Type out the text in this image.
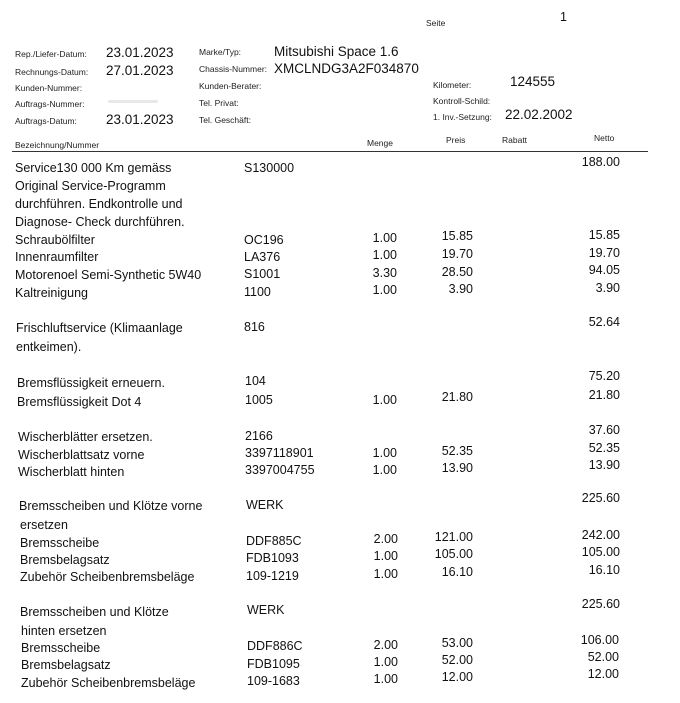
Seite	1
Rep./Liefer-Datum: 23.01.2023
Rechnungs-Datum: 27.01.2023
Kunden-Nummer:
Auftrags-Nummer:
Auftrags-Datum: 23.01.2023
Marke/Typ: Mitsubishi Space 1.6
Chassis-Nummer: XMCLNDG3A2F034870
Kunden-Berater:
Tel. Privat:
Tel. Geschäft:
Kilometer:	124555
Kontroll-Schild:
1. Inv.-Setzung: 22.02.2002
Bezeichnung/Nummer	Menge	Preis	Rabatt	Netto
Service130 000 Km gemäss	S130000	188.00
Original Service-Programm
durchführen. Endkontrolle und
Diagnose- Check durchführen.
Schraubölfilter	OC196	1.00	15.85	15.85
Innenraumfilter	LA376	1.00	19.70	19.70
Motorenoel Semi-Synthetic 5W40	S1001	3.30	28.50	94.05
Kaltreinigung	1100	1.00	3.90	3.90
Frischluftservice (Klimaanlage	816	52.64
entkeimen).
Bremsflüssigkeit erneuern.	104	75.20
Bremsflüssigkeit Dot 4	1005	1.00	21.80	21.80
Wischerblätter ersetzen.	2166	37.60
Wischerblattsatz vorne	3397118901	1.00	52.35	52.35
Wischerblatt hinten	3397004755	1.00	13.90	13.90
Bremsscheiben und Klötze vorne	WERK	225.60
ersetzen
Bremsscheibe	DDF885C	2.00	121.00	242.00
Bremsbelagsatz	FDB1093	1.00	105.00	105.00
Zubehör Scheibenbremsbeläge	109-1219	1.00	16.10	16.10
Bremsscheiben und Klötze	WERK	225.60
hinten ersetzen
Bremsscheibe	DDF886C	2.00	53.00	106.00
Bremsbelagsatz	FDB1095	1.00	52.00	52.00
Zubehör Scheibenbremsbeläge	109-1683	1.00	12.00	12.00
